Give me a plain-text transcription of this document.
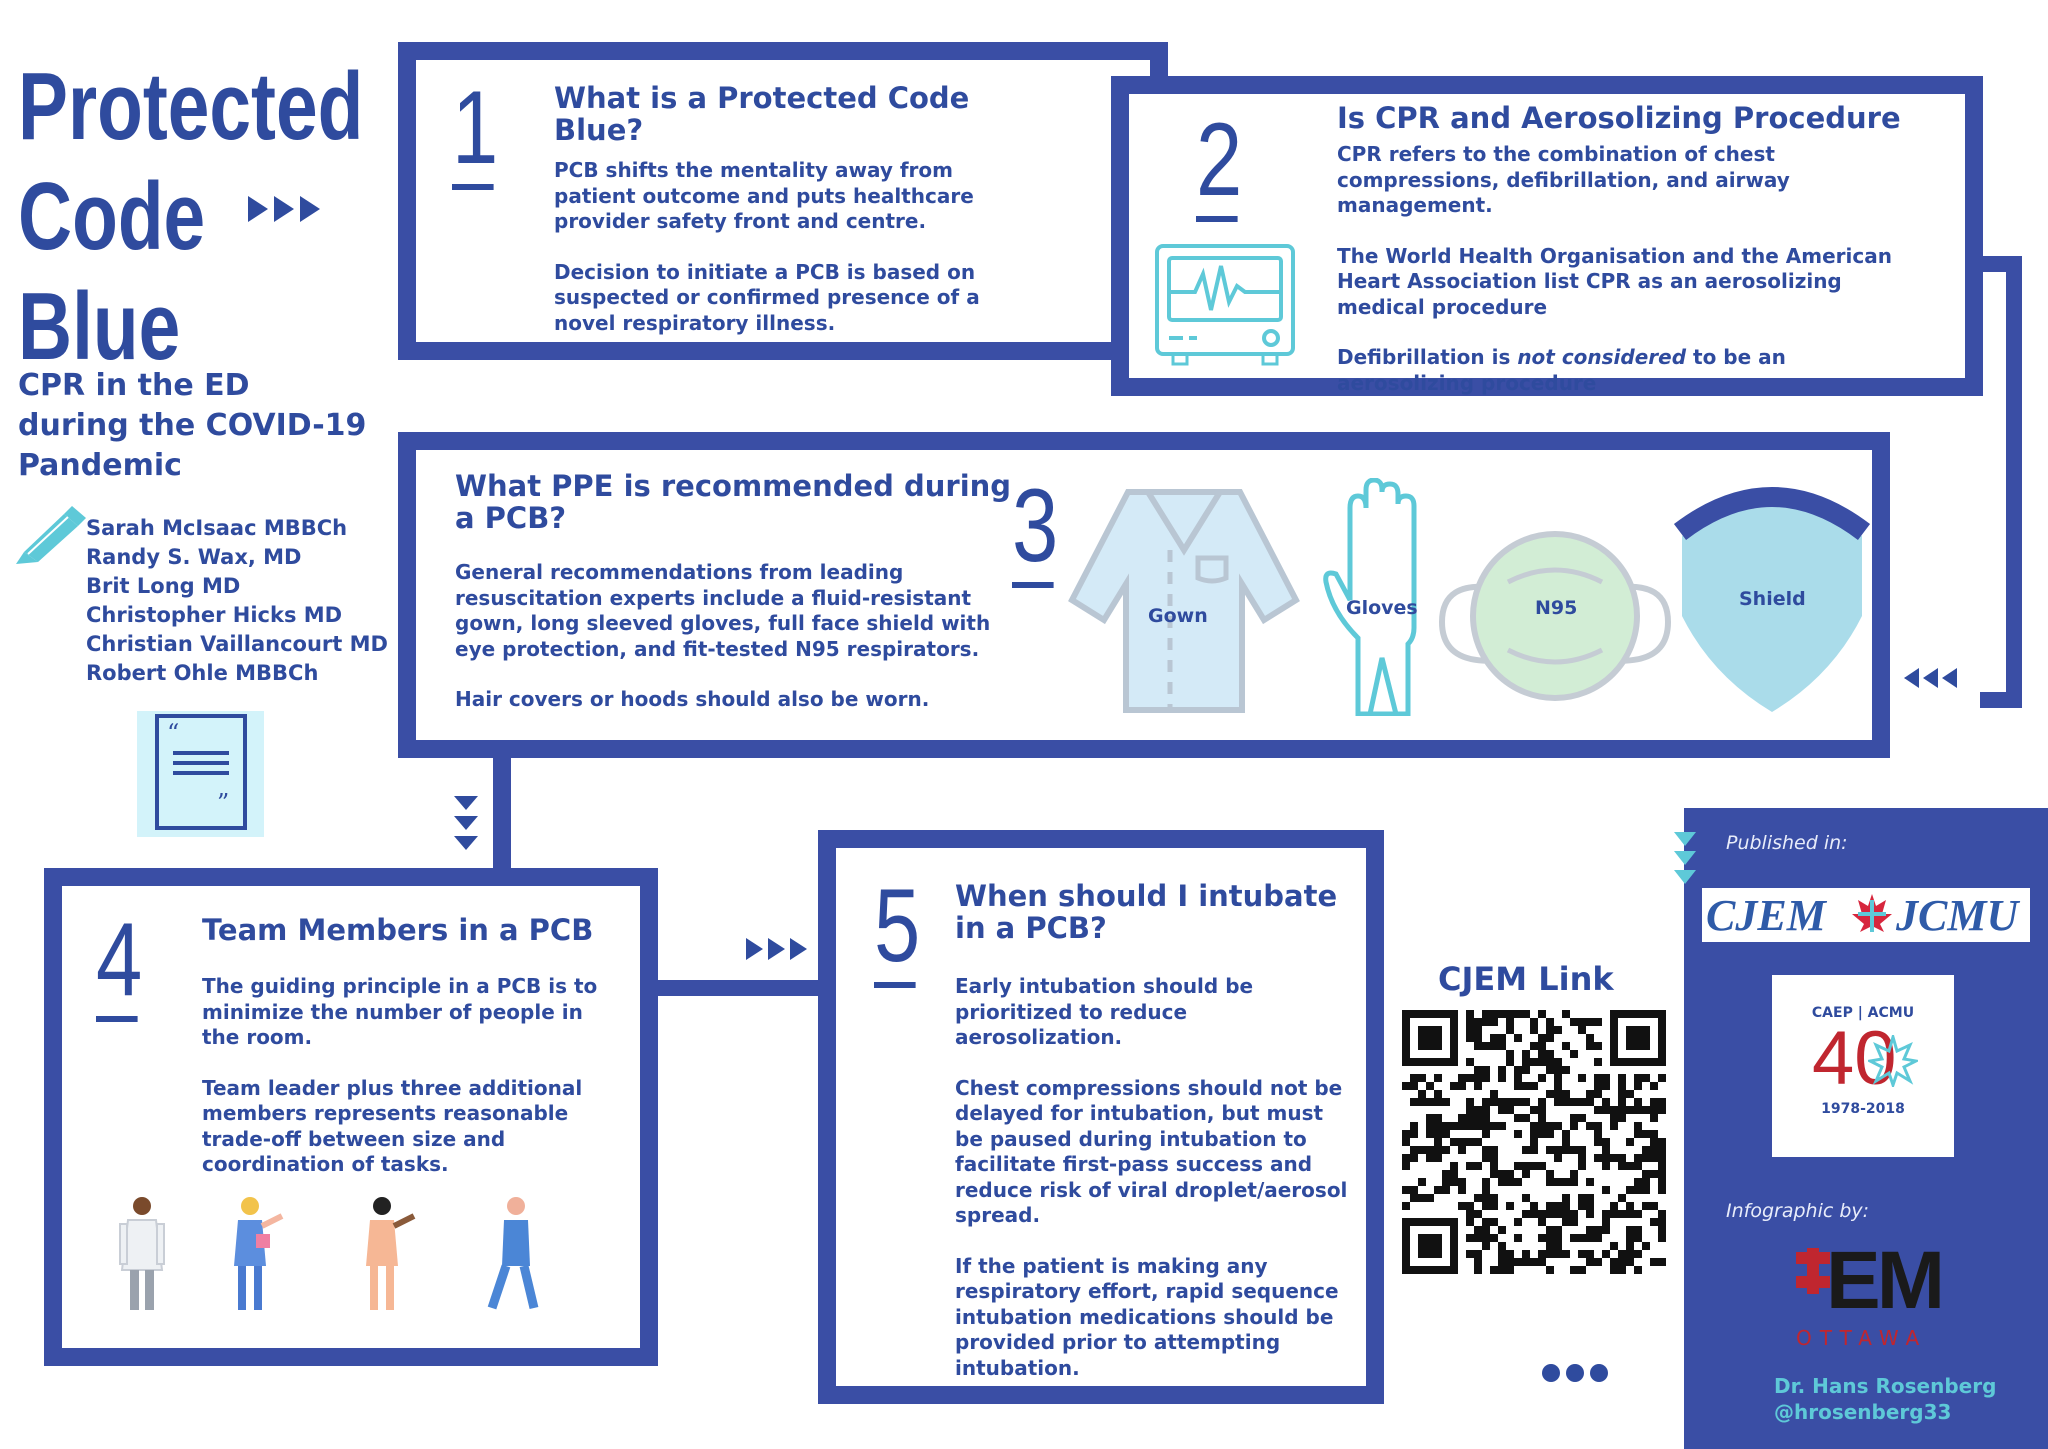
Protected
Code
Blue
CPR in the ED
during the COVID-19
Pandemic
Sarah McIsaac MBBCh
Randy S. Wax, MD
Brit Long MD
Christopher Hicks MD
Christian Vaillancourt MD
Robert Ohle MBBCh
“
”
1 What is a Protected Code Blue?

PCB shifts the mentality away from patient outcome and puts healthcare provider safety front and centre.

Decision to initiate a PCB is based on suspected or confirmed presence of a novel respiratory illness.

2	Is CPR and Aerosolizing Procedure

CPR refers to the combination of chest compressions, defibrillation, and airway management.

The World Health Organisation and the American Heart Association list CPR as an aerosolizing medical procedure

Defibrillation is not considered to be an aerosolizing procedure

What PPE is recommended during a PCB?

General recommendations from leading resuscitation experts include a fluid-resistant gown, long sleeved gloves, full face shield with eye protection, and fit-tested N95 respirators.

Hair covers or hoods should also be worn.

3
Gown	Gloves	N95	Shield
4 Team Members in a PCB

The guiding principle in a PCB is to minimize the number of people in the room.

Team leader plus three additional members represents reasonable trade-off between size and coordination of tasks.

5 When should I intubate in a PCB?

Early intubation should be prioritized to reduce aerosolization.

Chest compressions should not be delayed for intubation, but must be paused during intubation to facilitate first-pass success and reduce risk of viral droplet/aerosol spread.

If the patient is making any respiratory effort, rapid sequence intubation medications should be provided prior to attempting intubation.

CJEM Link
Published in:
CJEM JCMU
CAEP | ACMU
40
1978-2018
Infographic by:
EM
OTTAWA
Dr. Hans Rosenberg
@hrosenberg33
